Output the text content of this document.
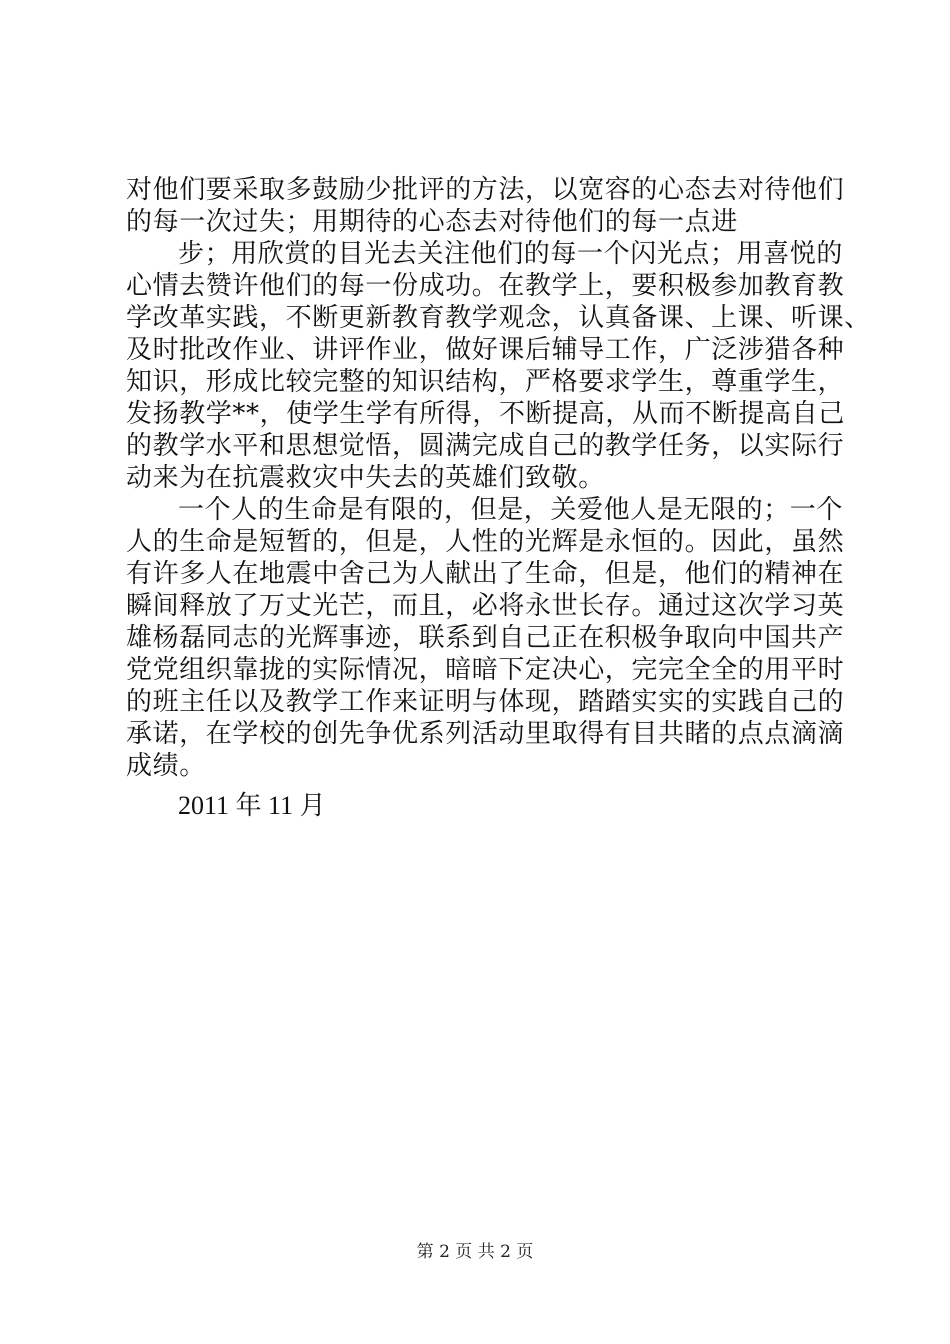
对他们要采取多鼓励少批评的方法，以宽容的心态去对待他们
的每一次过失；用期待的心态去对待他们的每一点进
步；用欣赏的目光去关注他们的每一个闪光点；用喜悦的
心情去赞许他们的每一份成功。在教学上，要积极参加教育教
学改革实践，不断更新教育教学观念，认真备课、上课、听课、
及时批改作业、讲评作业，做好课后辅导工作，广泛涉猎各种
知识，形成比较完整的知识结构，严格要求学生，尊重学生，
发扬教学**，使学生学有所得，不断提高，从而不断提高自己
的教学水平和思想觉悟，圆满完成自己的教学任务，以实际行
动来为在抗震救灾中失去的英雄们致敬。
一个人的生命是有限的，但是，关爱他人是无限的；一个
人的生命是短暂的，但是，人性的光辉是永恒的。因此，虽然
有许多人在地震中舍己为人献出了生命，但是，他们的精神在
瞬间释放了万丈光芒，而且，必将永世长存。通过这次学习英
雄杨磊同志的光辉事迹，联系到自己正在积极争取向中国共产
党党组织靠拢的实际情况，暗暗下定决心，完完全全的用平时
的班主任以及教学工作来证明与体现，踏踏实实的实践自己的
承诺，在学校的创先争优系列活动里取得有目共睹的点点滴滴
成绩。
2011 年 11 月
第 2 页 共 2 页
